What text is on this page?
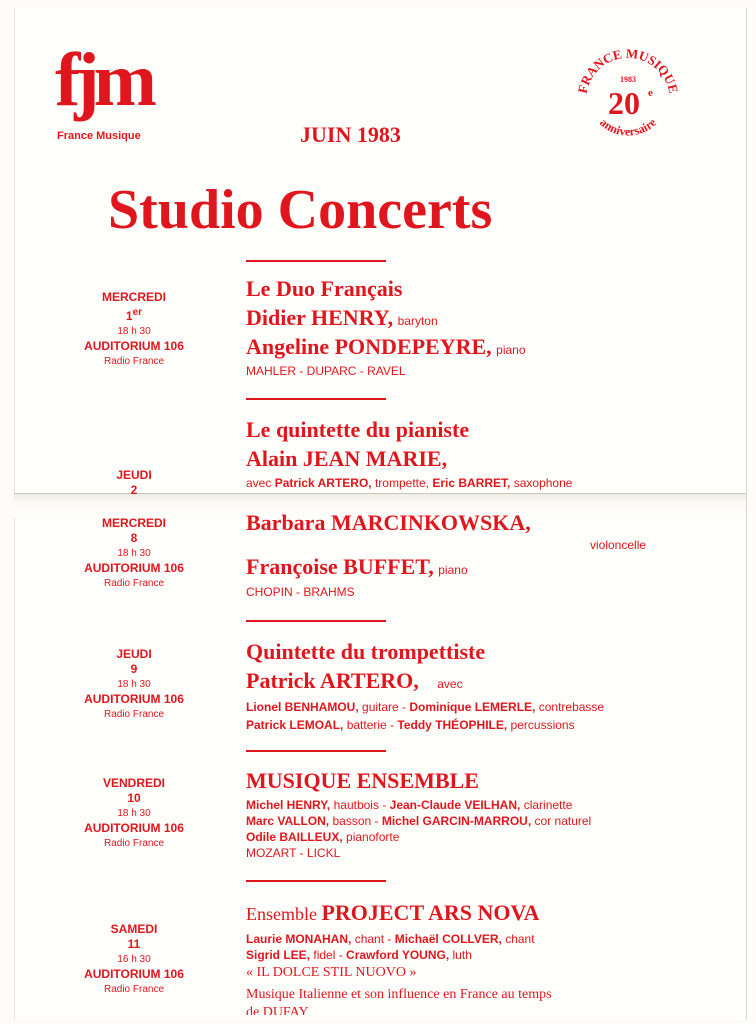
fjm
France Musique
FRANCE MUSIQUE
1983
20 e
anniversaire
JUIN 1983
Studio Concerts
MERCREDI
1er
18 h 30
AUDITORIUM 106
Radio France
Le Duo Français
Didier HENRY, baryton
Angeline PONDEPEYRE, piano
MAHLER - DUPARC - RAVEL
JEUDI
2
Le quintette du pianiste
Alain JEAN MARIE,
avec Patrick ARTERO, trompette, Eric BARRET, saxophone
MERCREDI
8
18 h 30
AUDITORIUM 106
Radio France
Barbara MARCINKOWSKA,
violoncelle
Françoise BUFFET, piano
CHOPIN - BRAHMS
JEUDI
9
18 h 30
AUDITORIUM 106
Radio France
Quintette du trompettiste
Patrick ARTERO, avec
Lionel BENHAMOU, guitare - Dominique LEMERLE, contrebasse
Patrick LEMOAL, batterie - Teddy THÉOPHILE, percussions
VENDREDI
10
18 h 30
AUDITORIUM 106
Radio France
MUSIQUE ENSEMBLE
Michel HENRY, hautbois - Jean-Claude VEILHAN, clarinette
Marc VALLON, basson - Michel GARCIN-MARROU, cor naturel
Odile BAILLEUX, pianoforte
MOZART - LICKL
SAMEDI
11
16 h 30
AUDITORIUM 106
Radio France
Ensemble PROJECT ARS NOVA
Laurie MONAHAN, chant - Michaël COLLVER, chant
Sigrid LEE, fidel - Crawford YOUNG, luth
« IL DOLCE STIL NUOVO »
Musique Italienne et son influence en France au temps
de DUFAY
